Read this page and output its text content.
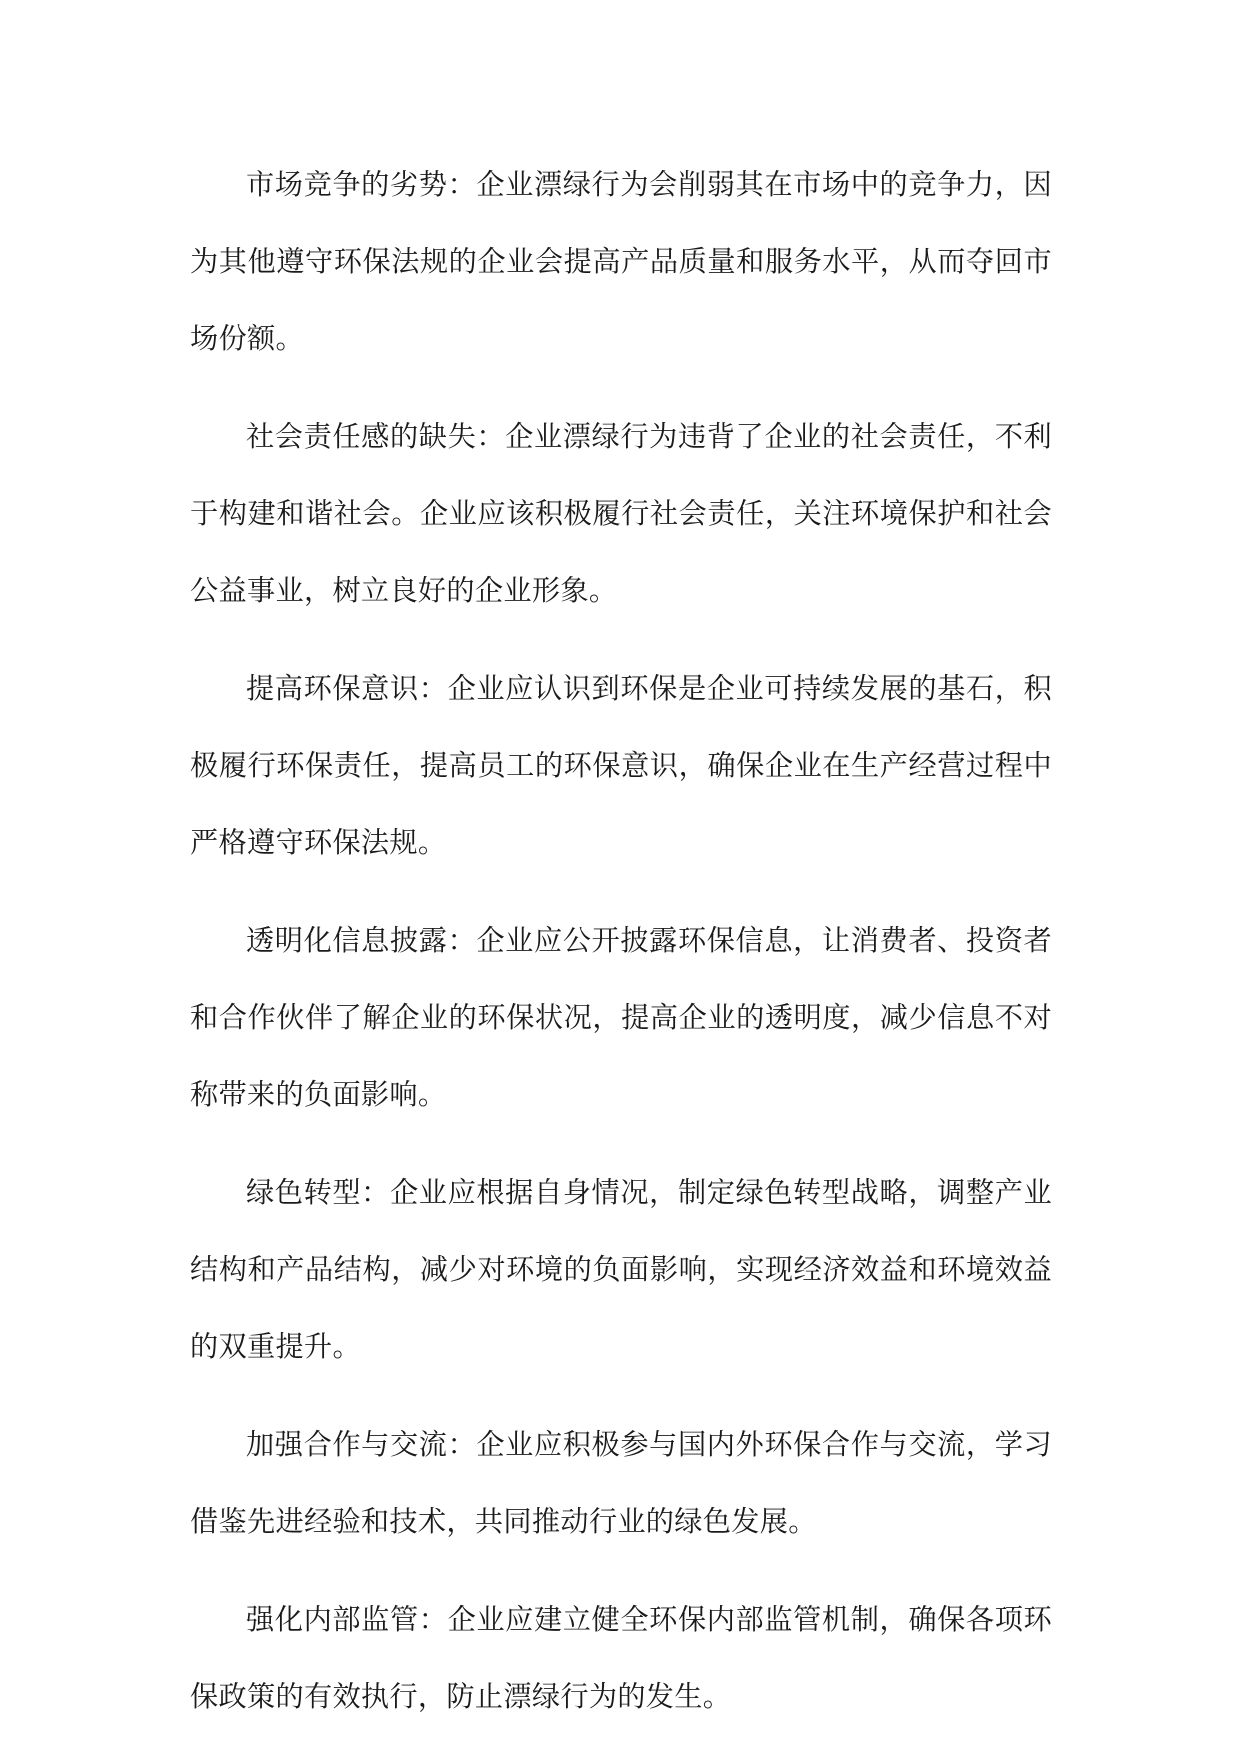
市场竞争的劣势：企业漂绿行为会削弱其在市场中的竞争力，因为其他遵守环保法规的企业会提高产品质量和服务水平，从而夺回市场份额。

社会责任感的缺失：企业漂绿行为违背了企业的社会责任，不利于构建和谐社会。企业应该积极履行社会责任，关注环境保护和社会公益事业，树立良好的企业形象。

提高环保意识：企业应认识到环保是企业可持续发展的基石，积极履行环保责任，提高员工的环保意识，确保企业在生产经营过程中严格遵守环保法规。

透明化信息披露：企业应公开披露环保信息，让消费者、投资者和合作伙伴了解企业的环保状况，提高企业的透明度，减少信息不对称带来的负面影响。

绿色转型：企业应根据自身情况，制定绿色转型战略，调整产业结构和产品结构，减少对环境的负面影响，实现经济效益和环境效益的双重提升。

加强合作与交流：企业应积极参与国内外环保合作与交流，学习借鉴先进经验和技术，共同推动行业的绿色发展。

强化内部监管：企业应建立健全环保内部监管机制，确保各项环保政策的有效执行，防止漂绿行为的发生。
